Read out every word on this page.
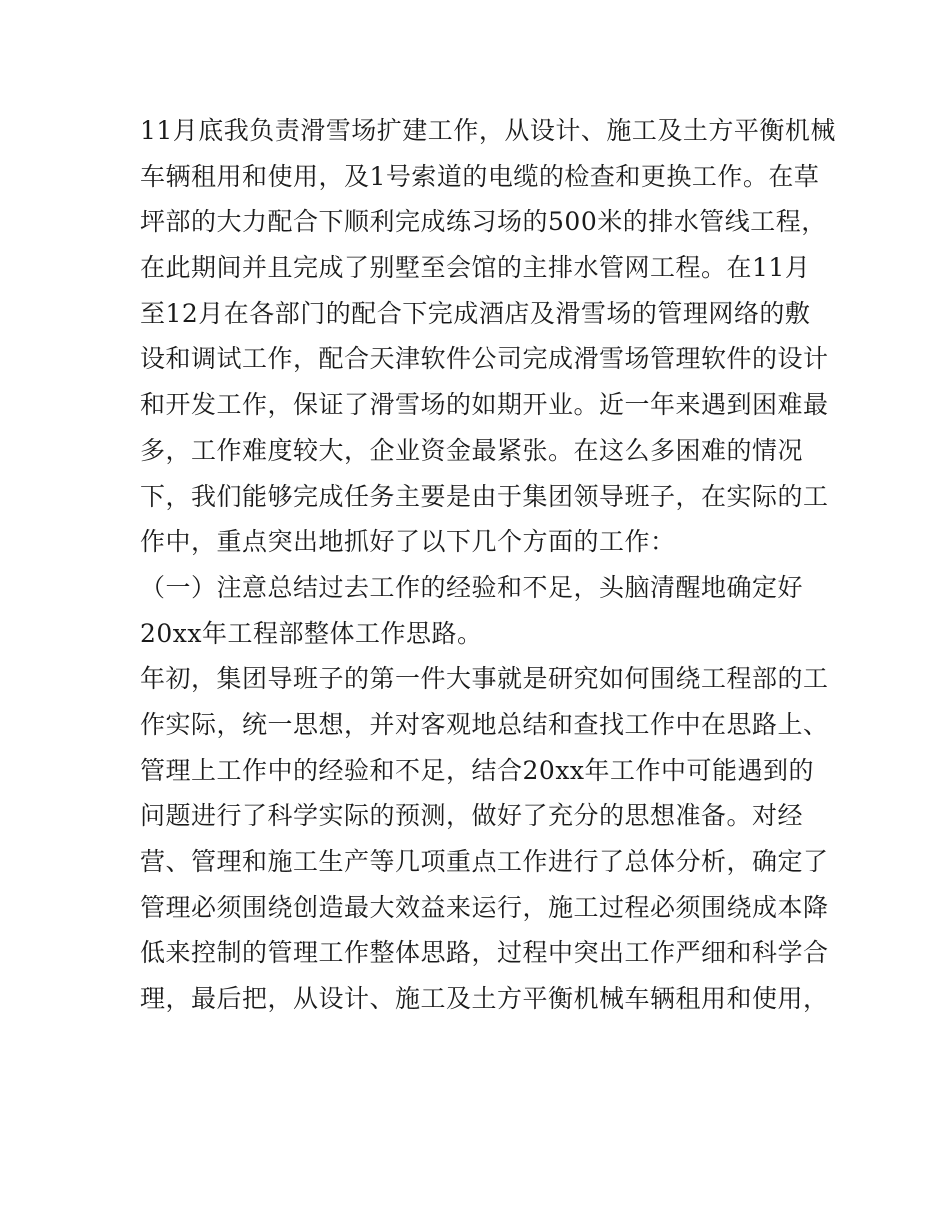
11月底我负责滑雪场扩建工作，从设计、施工及土方平衡机械
车辆租用和使用，及1号索道的电缆的检查和更换工作。在草
坪部的大力配合下顺利完成练习场的500米的排水管线工程，
在此期间并且完成了别墅至会馆的主排水管网工程。在11月
至12月在各部门的配合下完成酒店及滑雪场的管理网络的敷
设和调试工作，配合天津软件公司完成滑雪场管理软件的设计
和开发工作，保证了滑雪场的如期开业。近一年来遇到困难最
多，工作难度较大，企业资金最紧张。在这么多困难的情况
下，我们能够完成任务主要是由于集团领导班子，在实际的工
作中，重点突出地抓好了以下几个方面的工作：
（一）注意总结过去工作的经验和不足，头脑清醒地确定好
20xx年工程部整体工作思路。
年初，集团导班子的第一件大事就是研究如何围绕工程部的工
作实际，统一思想，并对客观地总结和查找工作中在思路上、
管理上工作中的经验和不足，结合20xx年工作中可能遇到的
问题进行了科学实际的预测，做好了充分的思想准备。对经
营、管理和施工生产等几项重点工作进行了总体分析，确定了
管理必须围绕创造最大效益来运行，施工过程必须围绕成本降
低来控制的管理工作整体思路，过程中突出工作严细和科学合
理，最后把，从设计、施工及土方平衡机械车辆租用和使用，
